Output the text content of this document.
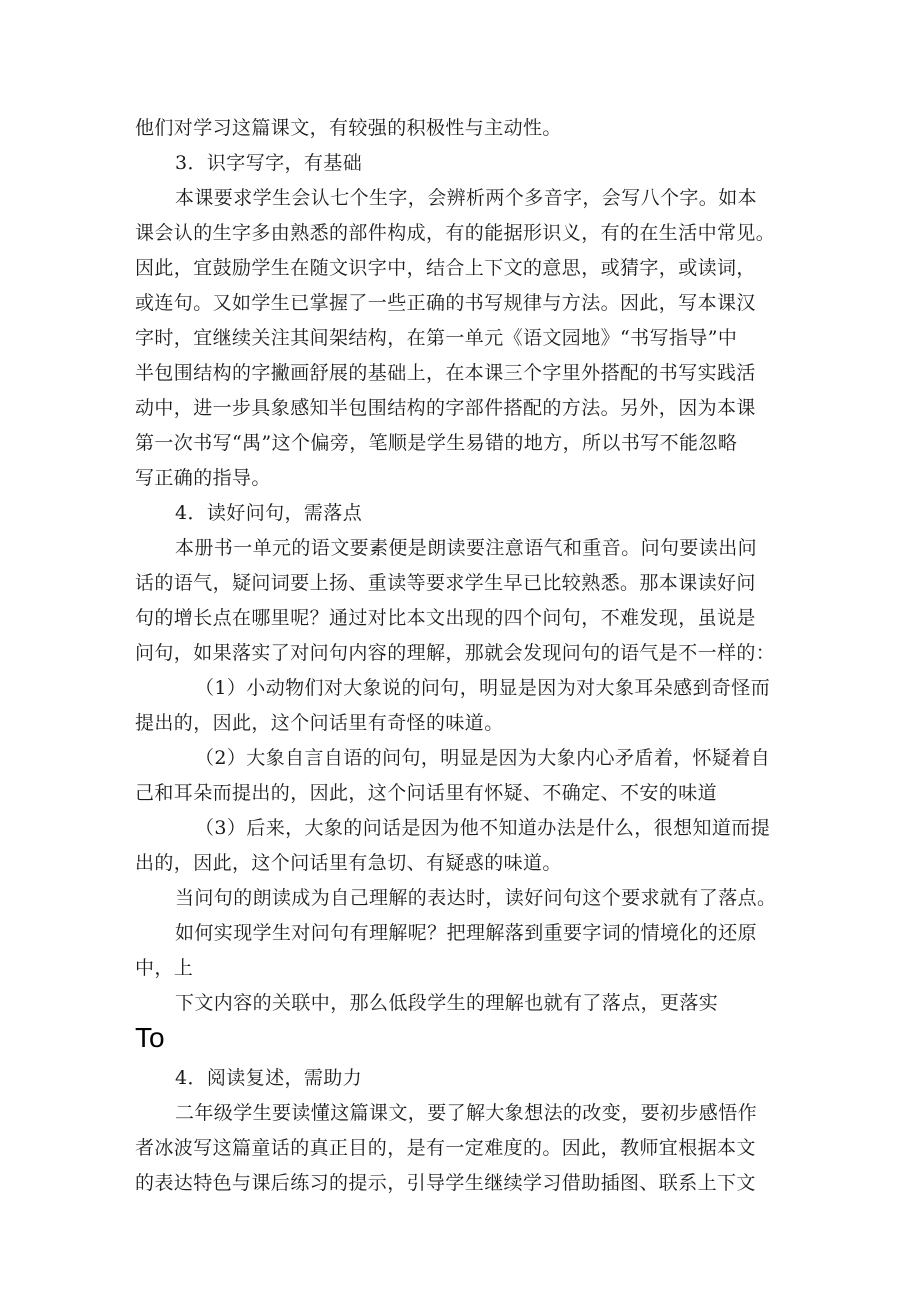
他们对学习这篇课文，有较强的积极性与主动性。

3．识字写字，有基础

本课要求学生会认七个生字，会辨析两个多音字，会写八个字。如本

课会认的生字多由熟悉的部件构成，有的能据形识义，有的在生活中常见。

因此，宜鼓励学生在随文识字中，结合上下文的意思，或猜字，或读词，

或连句。又如学生已掌握了一些正确的书写规律与方法。因此，写本课汉

字时，宜继续关注其间架结构，在第一单元《语文园地》“书写指导”中

半包围结构的字撇画舒展的基础上，在本课三个字里外搭配的书写实践活

动中，进一步具象感知半包围结构的字部件搭配的方法。另外，因为本课

第一次书写“禺”这个偏旁，笔顺是学生易错的地方，所以书写不能忽略

写正确的指导。

4．读好问句，需落点

本册书一单元的语文要素便是朗读要注意语气和重音。问句要读出问

话的语气，疑问词要上扬、重读等要求学生早已比较熟悉。那本课读好问

句的增长点在哪里呢？通过对比本文出现的四个问句，不难发现，虽说是

问句，如果落实了对问句内容的理解，那就会发现问句的语气是不一样的：

（1）小动物们对大象说的问句，明显是因为对大象耳朵感到奇怪而

提出的，因此，这个问话里有奇怪的味道。

（2）大象自言自语的问句，明显是因为大象内心矛盾着，怀疑着自

己和耳朵而提出的，因此，这个问话里有怀疑、不确定、不安的味道

（3）后来，大象的问话是因为他不知道办法是什么，很想知道而提

出的，因此，这个问话里有急切、有疑惑的味道。

当问句的朗读成为自己理解的表达时，读好问句这个要求就有了落点。

如何实现学生对问句有理解呢？把理解落到重要字词的情境化的还原

中，上

下文内容的关联中，那么低段学生的理解也就有了落点，更落实

To

4．阅读复述，需助力

二年级学生要读懂这篇课文，要了解大象想法的改变，要初步感悟作

者冰波写这篇童话的真正目的，是有一定难度的。因此，教师宜根据本文

的表达特色与课后练习的提示，引导学生继续学习借助插图、联系上下文
